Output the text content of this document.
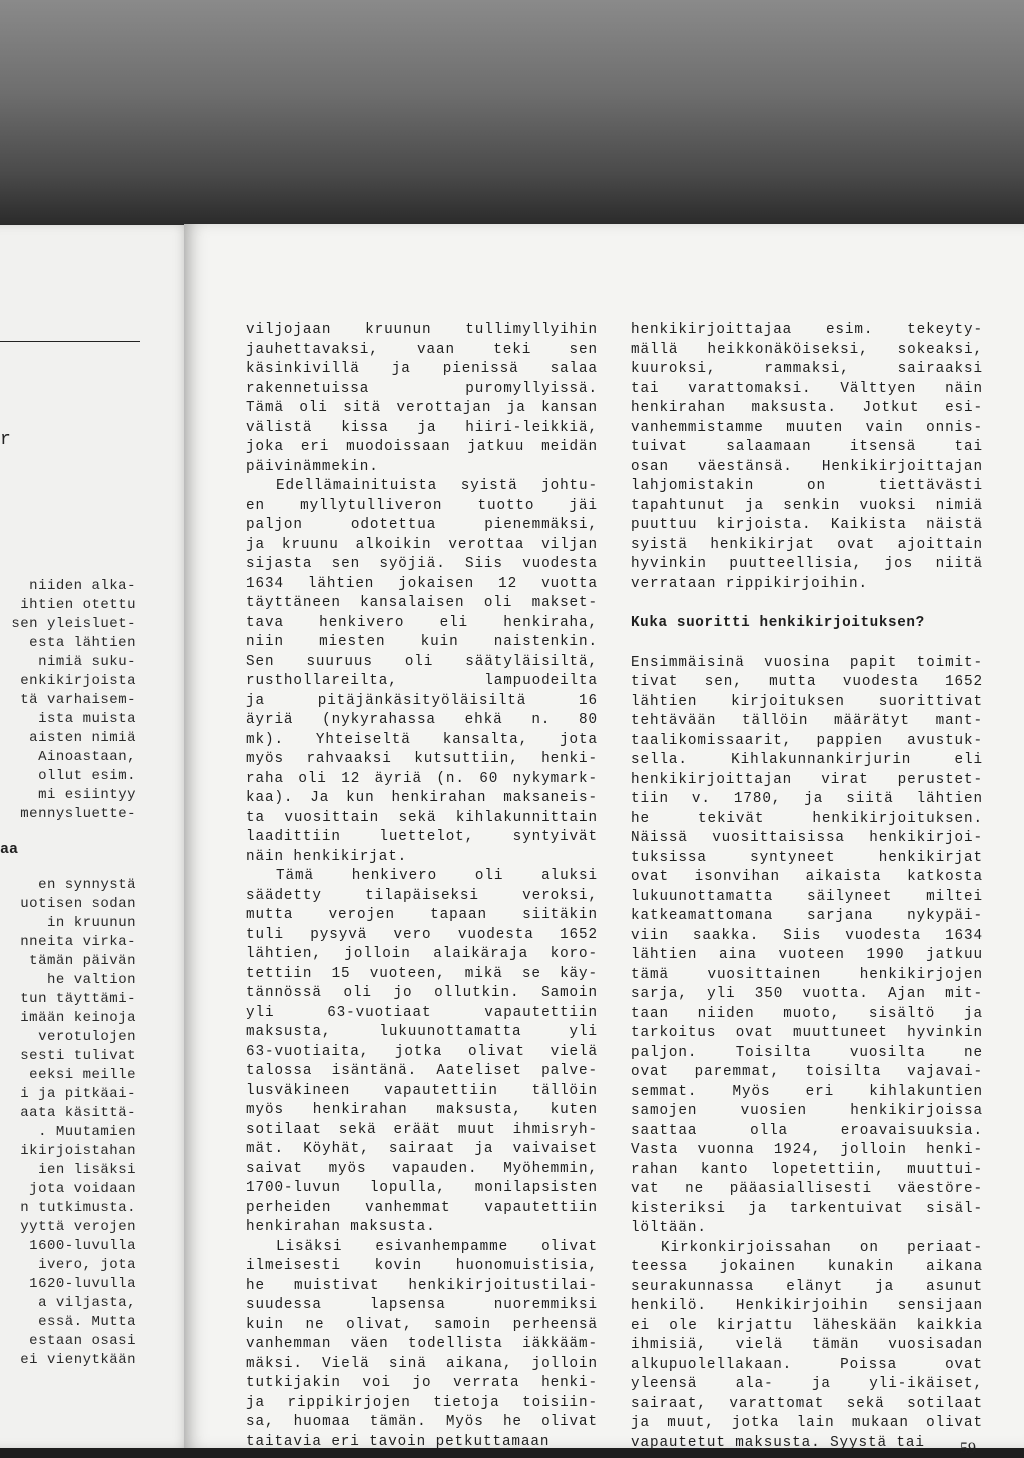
r
niiden alka-
ihtien otettu
sen yleisluet-
esta lähtien
nimiä suku-
enkikirjoista
tä varhaisem-
ista muista
aisten nimiä
Ainoastaan,
ollut esim.
mi esiintyy
mennysluette-
aa
en synnystä
uotisen sodan
in kruunun
nneita virka-
tämän päivän
he valtion
tun täyttämi-
imään keinoja
verotulojen
sesti tulivat
eeksi meille
i ja pitkäai-
aata käsittä-
. Muutamien
ikirjoistahan
ien lisäksi
jota voidaan
n tutkimusta.
yyttä verojen
1600-luvulla
ivero, jota
1620-luvulla
a viljasta,
essä. Mutta
estaan osasi
ei vienytkään
viljojaan kruunun tullimyllyihin
jauhettavaksi, vaan teki sen
käsinkivillä ja pienissä salaa
rakennetuissa puromyllyissä.
Tämä oli sitä verottajan ja kansan
välistä kissa ja hiiri-leikkiä,
joka eri muodoissaan jatkuu meidän
päivinämmekin.
Edellämainituista syistä johtu-
en myllytulliveron tuotto jäi
paljon odotettua pienemmäksi,
ja kruunu alkoikin verottaa viljan
sijasta sen syöjiä. Siis vuodesta
1634 lähtien jokaisen 12 vuotta
täyttäneen kansalaisen oli makset-
tava henkivero eli henkiraha,
niin miesten kuin naistenkin.
Sen suuruus oli säätyläisiltä,
rusthollareilta, lampuodeilta
ja pitäjänkäsityöläisiltä 16
äyriä (nykyrahassa ehkä n. 80
mk). Yhteiseltä kansalta, jota
myös rahvaaksi kutsuttiin, henki-
raha oli 12 äyriä (n. 60 nykymark-
kaa). Ja kun henkirahan maksaneis-
ta vuosittain sekä kihlakunnittain
laadittiin luettelot, syntyivät
näin henkikirjat.
Tämä henkivero oli aluksi
säädetty tilapäiseksi veroksi,
mutta verojen tapaan siitäkin
tuli pysyvä vero vuodesta 1652
lähtien, jolloin alaikäraja koro-
tettiin 15 vuoteen, mikä se käy-
tännössä oli jo ollutkin. Samoin
yli 63-vuotiaat vapautettiin
maksusta, lukuunottamatta yli
63-vuotiaita, jotka olivat vielä
talossa isäntänä. Aateliset palve-
lusväkineen vapautettiin tällöin
myös henkirahan maksusta, kuten
sotilaat sekä eräät muut ihmisryh-
mät. Köyhät, sairaat ja vaivaiset
saivat myös vapauden. Myöhemmin,
1700-luvun lopulla, monilapsisten
perheiden vanhemmat vapautettiin
henkirahan maksusta.
Lisäksi esivanhempamme olivat
ilmeisesti kovin huonomuistisia,
he muistivat henkikirjoitustilai-
suudessa lapsensa nuoremmiksi
kuin ne olivat, samoin perheensä
vanhemman väen todellista iäkkääm-
mäksi. Vielä sinä aikana, jolloin
tutkijakin voi jo verrata henki-
ja rippikirjojen tietoja toisiin-
sa, huomaa tämän. Myös he olivat
taitavia eri tavoin petkuttamaan
henkikirjoittajaa esim. tekeyty-
mällä heikkonäköiseksi, sokeaksi,
kuuroksi, rammaksi, sairaaksi
tai varattomaksi. Välttyen näin
henkirahan maksusta. Jotkut esi-
vanhemmistamme muuten vain onnis-
tuivat salaamaan itsensä tai
osan väestänsä. Henkikirjoittajan
lahjomistakin on tiettävästi
tapahtunut ja senkin vuoksi nimiä
puuttuu kirjoista. Kaikista näistä
syistä henkikirjat ovat ajoittain
hyvinkin puutteellisia, jos niitä
verrataan rippikirjoihin.
Kuka suoritti henkikirjoituksen?
Ensimmäisinä vuosina papit toimit-
tivat sen, mutta vuodesta 1652
lähtien kirjoituksen suorittivat
tehtävään tällöin määrätyt mant-
taalikomissaarit, pappien avustuk-
sella. Kihlakunnankirjurin eli
henkikirjoittajan virat perustet-
tiin v. 1780, ja siitä lähtien
he tekivät henkikirjoituksen.
Näissä vuosittaisissa henkikirjoi-
tuksissa syntyneet henkikirjat
ovat isonvihan aikaista katkosta
lukuunottamatta säilyneet miltei
katkeamattomana sarjana nykypäi-
viin saakka. Siis vuodesta 1634
lähtien aina vuoteen 1990 jatkuu
tämä vuosittainen henkikirjojen
sarja, yli 350 vuotta. Ajan mit-
taan niiden muoto, sisältö ja
tarkoitus ovat muuttuneet hyvinkin
paljon. Toisilta vuosilta ne
ovat paremmat, toisilta vajavai-
semmat. Myös eri kihlakuntien
samojen vuosien henkikirjoissa
saattaa olla eroavaisuuksia.
Vasta vuonna 1924, jolloin henki-
rahan kanto lopetettiin, muuttui-
vat ne pääasiallisesti väestöre-
kisteriksi ja tarkentuivat sisäl-
löltään.
Kirkonkirjoissahan on periaat-
teessa jokainen kunakin aikana
seurakunnassa elänyt ja asunut
henkilö. Henkikirjoihin sensijaan
ei ole kirjattu läheskään kaikkia
ihmisiä, vielä tämän vuosisadan
alkupuolellakaan. Poissa ovat
yleensä ala- ja yli-ikäiset,
sairaat, varattomat sekä sotilaat
ja muut, jotka lain mukaan olivat
vapautetut maksusta. Syystä tai	59
